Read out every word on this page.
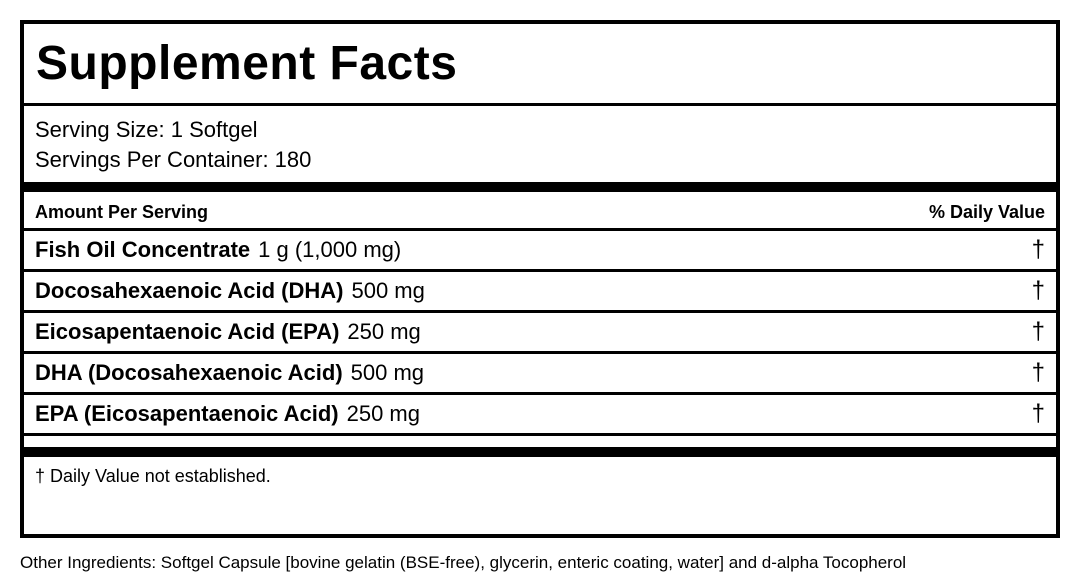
Supplement Facts
Serving Size: 1 Softgel
Servings Per Container: 180
Amount Per Serving	% Daily Value
Fish Oil Concentrate 1 g (1,000 mg)	†
Docosahexaenoic Acid (DHA) 500 mg	†
Eicosapentaenoic Acid (EPA) 250 mg	†
DHA (Docosahexaenoic Acid) 500 mg	†
EPA (Eicosapentaenoic Acid) 250 mg	†
† Daily Value not established.
Other Ingredients: Softgel Capsule [bovine gelatin (BSE-free), glycerin, enteric coating, water] and d-alpha Tocopherol
